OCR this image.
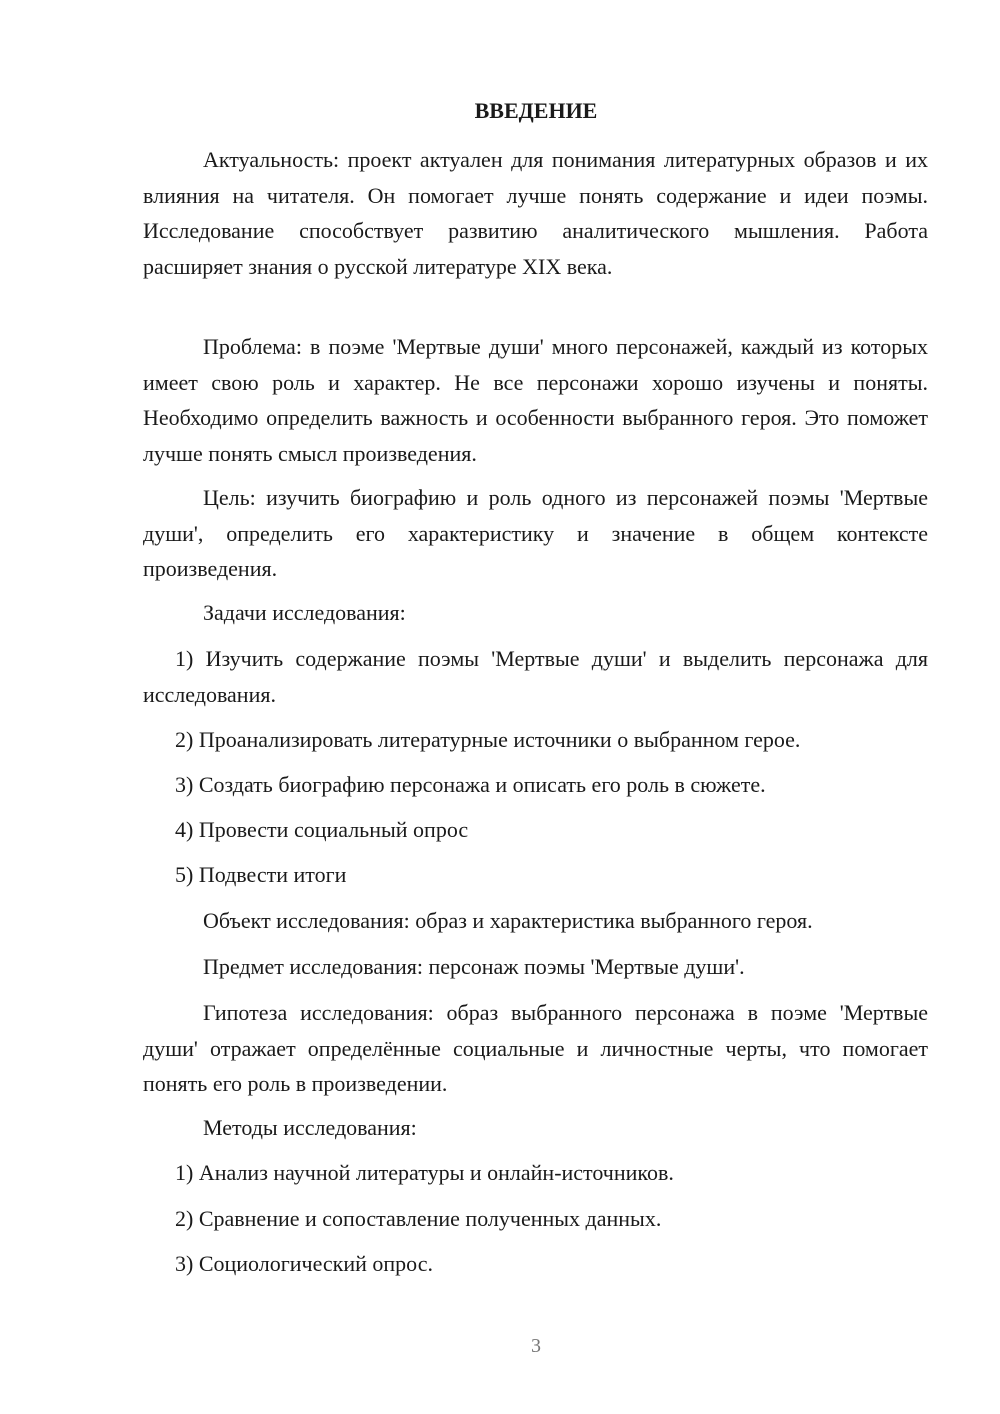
ВВЕДЕНИЕ

Актуальность: проект актуален для понимания литературных образов и их влияния на читателя. Он помогает лучше понять содержание и идеи поэмы. Исследование способствует развитию аналитического мышления. Работа расширяет знания о русской литературе XIX века.

Проблема: в поэме 'Мертвые души' много персонажей, каждый из которых имеет свою роль и характер. Не все персонажи хорошо изучены и поняты. Необходимо определить важность и особенности выбранного героя. Это поможет лучше понять смысл произведения.

Цель: изучить биографию и роль одного из персонажей поэмы 'Мертвые души', определить его характеристику и значение в общем контексте произведения.

Задачи исследования:

1) Изучить содержание поэмы 'Мертвые души' и выделить персонажа для исследования.

2) Проанализировать литературные источники о выбранном герое.

3) Создать биографию персонажа и описать его роль в сюжете.

4) Провести социальный опрос

5) Подвести итоги

Объект исследования: образ и характеристика выбранного героя.

Предмет исследования: персонаж поэмы 'Мертвые души'.

Гипотеза исследования: образ выбранного персонажа в поэме 'Мертвые души' отражает определённые социальные и личностные черты, что помогает понять его роль в произведении.

Методы исследования:

1) Анализ научной литературы и онлайн-источников.

2) Сравнение и сопоставление полученных данных.

3) Социологический опрос.

3
